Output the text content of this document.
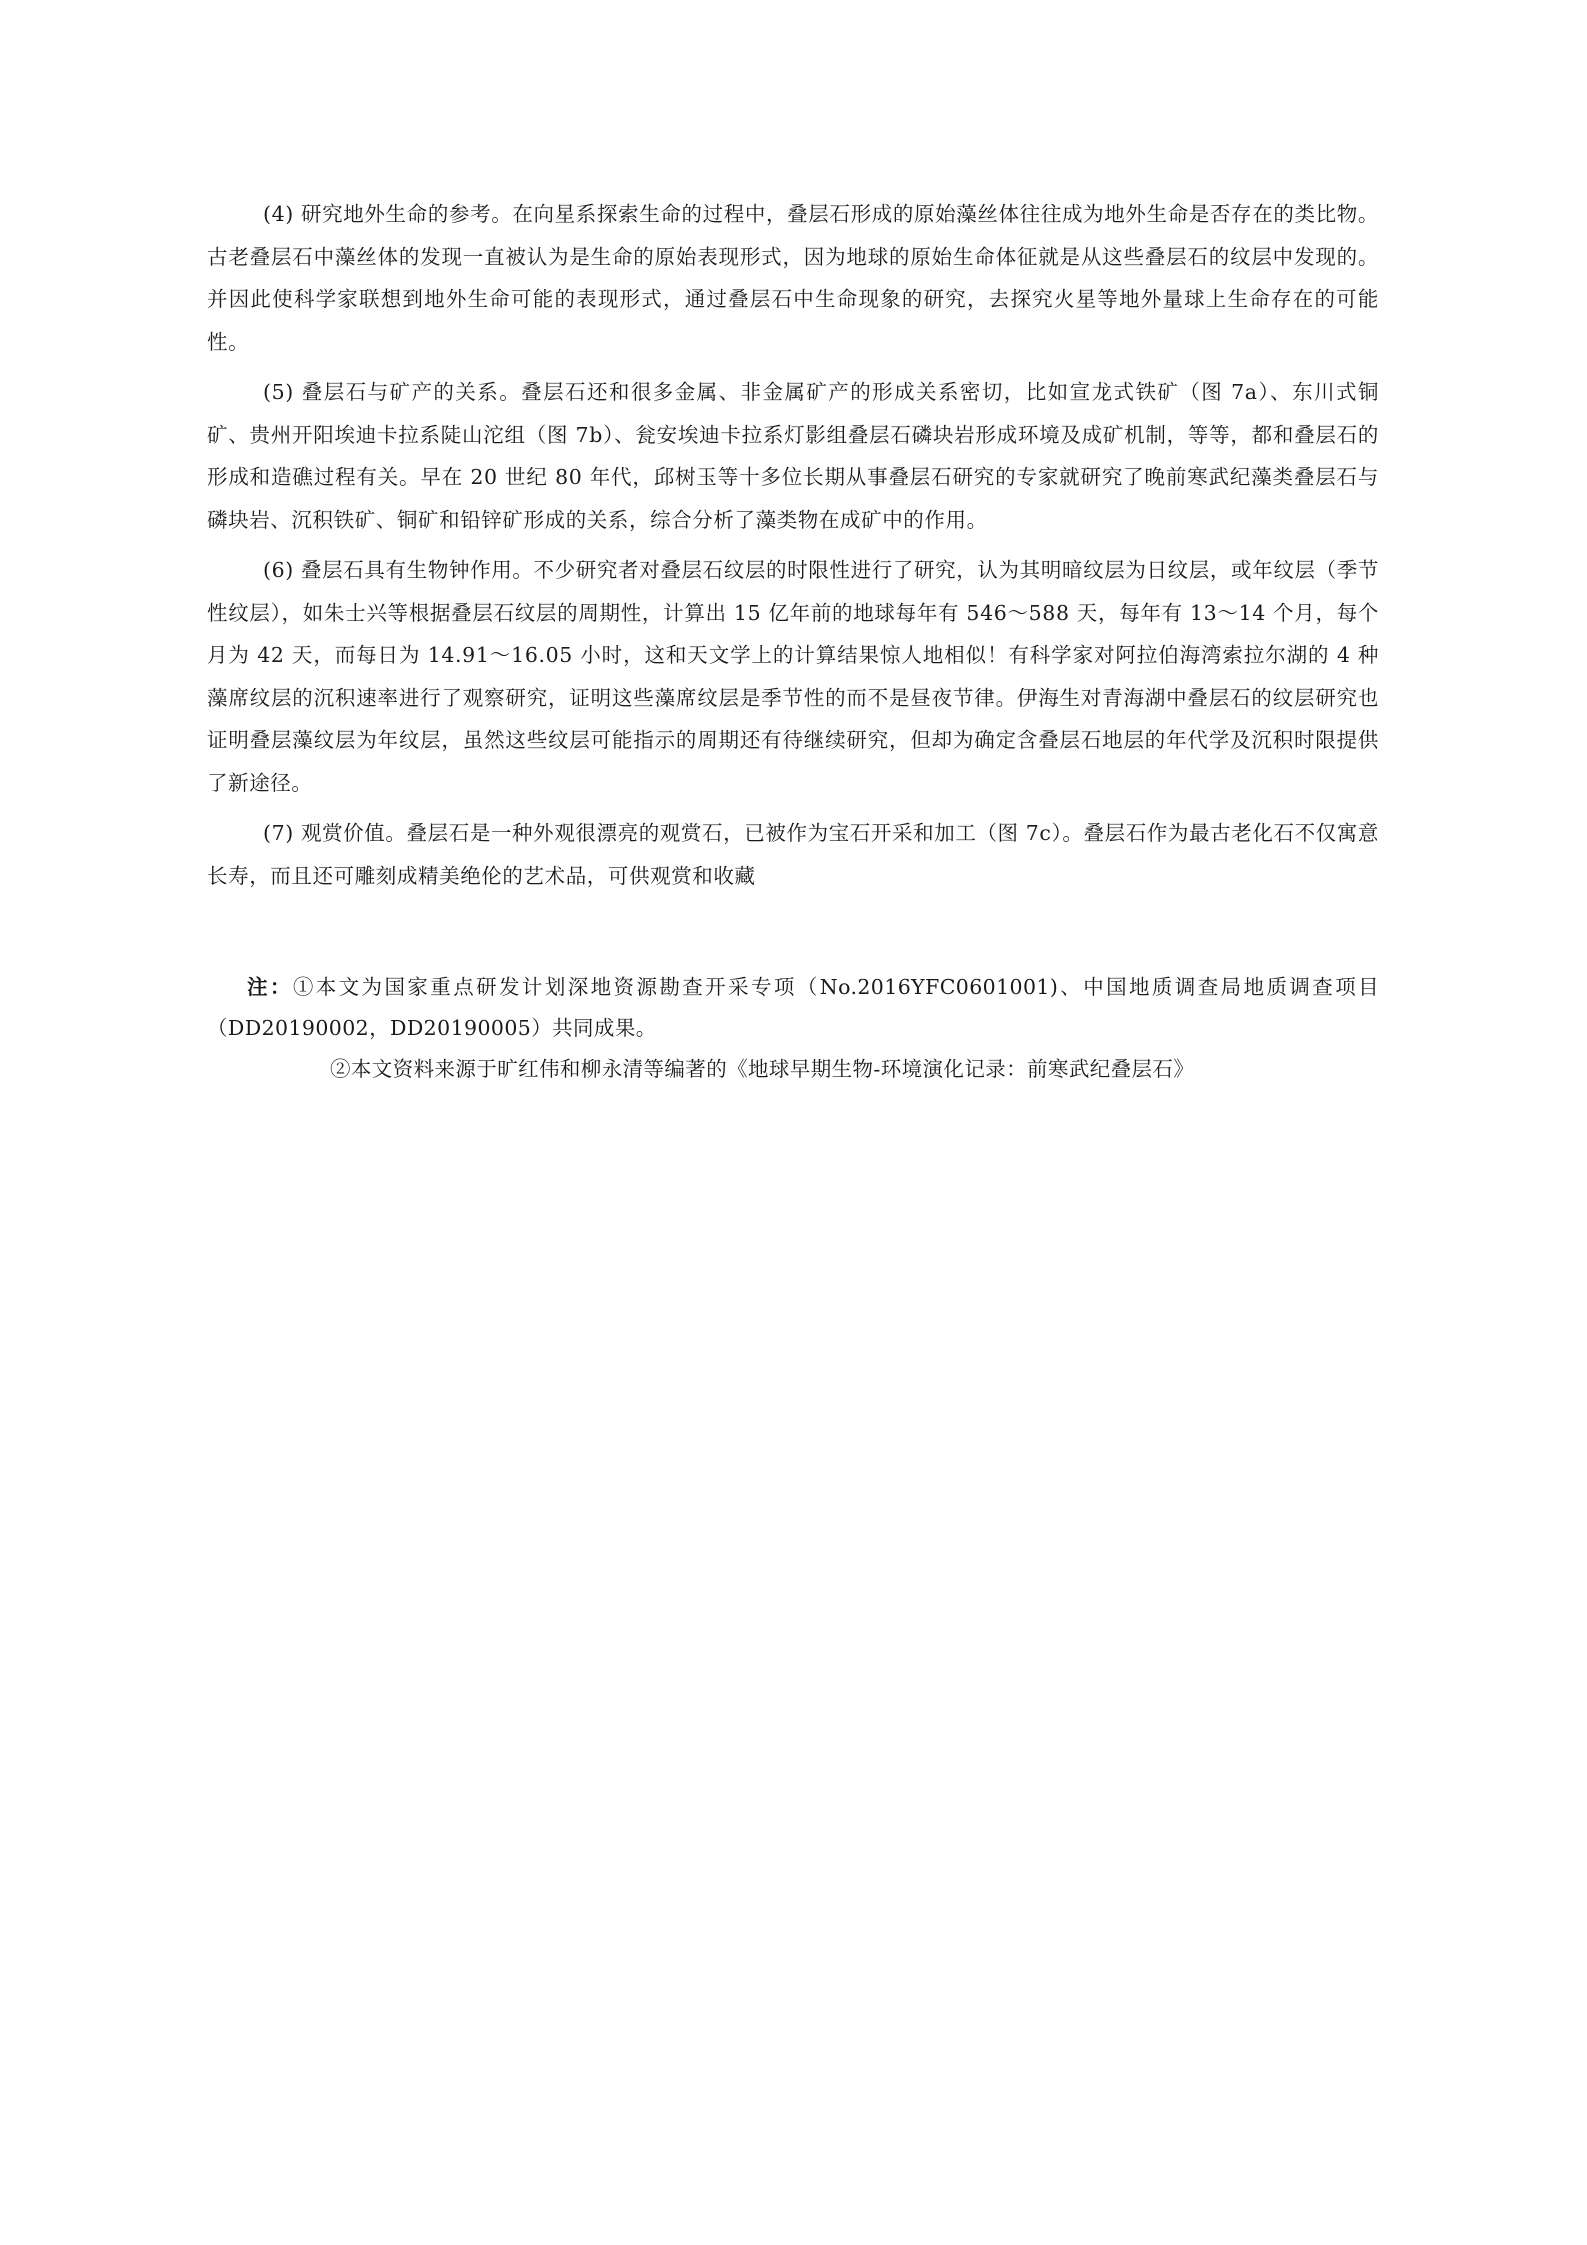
(4) 研究地外生命的参考。在向星系探索生命的过程中，叠层石形成的原始藻丝体往往成为地外生命是否存在的类比物。古老叠层石中藻丝体的发现一直被认为是生命的原始表现形式，因为地球的原始生命体征就是从这些叠层石的纹层中发现的。并因此使科学家联想到地外生命可能的表现形式，通过叠层石中生命现象的研究，去探究火星等地外量球上生命存在的可能性。

(5) 叠层石与矿产的关系。叠层石还和很多金属、非金属矿产的形成关系密切，比如宣龙式铁矿（图 7a）、东川式铜矿、贵州开阳埃迪卡拉系陡山沱组（图 7b）、瓮安埃迪卡拉系灯影组叠层石磷块岩形成环境及成矿机制，等等，都和叠层石的形成和造礁过程有关。早在 20 世纪 80 年代，邱树玉等十多位长期从事叠层石研究的专家就研究了晚前寒武纪藻类叠层石与磷块岩、沉积铁矿、铜矿和铅锌矿形成的关系，综合分析了藻类物在成矿中的作用。

(6) 叠层石具有生物钟作用。不少研究者对叠层石纹层的时限性进行了研究，认为其明暗纹层为日纹层，或年纹层（季节性纹层），如朱士兴等根据叠层石纹层的周期性，计算出 15 亿年前的地球每年有 546～588 天，每年有 13～14 个月，每个月为 42 天，而每日为 14.91～16.05 小时，这和天文学上的计算结果惊人地相似！有科学家对阿拉伯海湾索拉尔湖的 4 种藻席纹层的沉积速率进行了观察研究，证明这些藻席纹层是季节性的而不是昼夜节律。伊海生对青海湖中叠层石的纹层研究也证明叠层藻纹层为年纹层，虽然这些纹层可能指示的周期还有待继续研究，但却为确定含叠层石地层的年代学及沉积时限提供了新途径。

(7) 观赏价值。叠层石是一种外观很漂亮的观赏石，已被作为宝石开采和加工（图 7c）。叠层石作为最古老化石不仅寓意长寿，而且还可雕刻成精美绝伦的艺术品，可供观赏和收藏

注：①本文为国家重点研发计划深地资源勘查开采专项（No.2016YFC0601001)、中国地质调查局地质调查项目（DD20190002，DD20190005）共同成果。

②本文资料来源于旷红伟和柳永清等编著的《地球早期生物-环境演化记录：前寒武纪叠层石》
